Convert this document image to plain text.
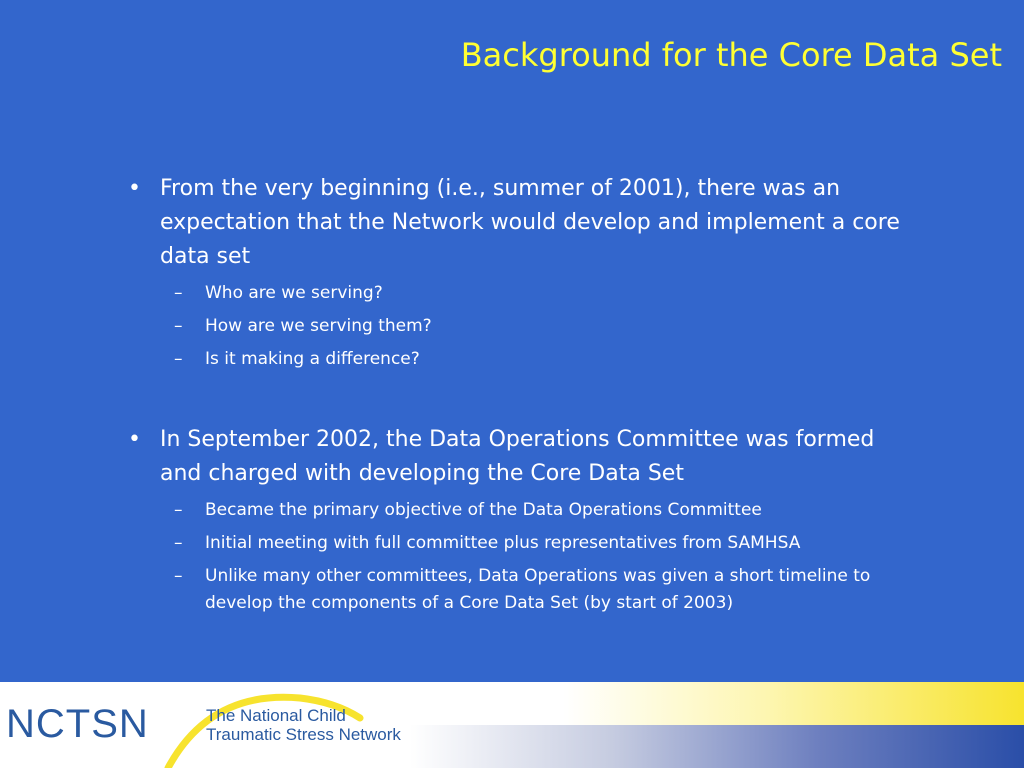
Background for the Core Data Set
• From the very beginning (i.e., summer of 2001), there was an expectation that the Network would develop and implement a core data set
– Who are we serving?
– How are we serving them?
– Is it making a difference?
• In September 2002, the Data Operations Committee was formed and charged with developing the Core Data Set
– Became the primary objective of the Data Operations Committee
– Initial meeting with full committee plus representatives from SAMHSA
– Unlike many other committees, Data Operations was given a short timeline to develop the components of a Core Data Set (by start of 2003)
NCTSN	The National Child
Traumatic Stress Network
